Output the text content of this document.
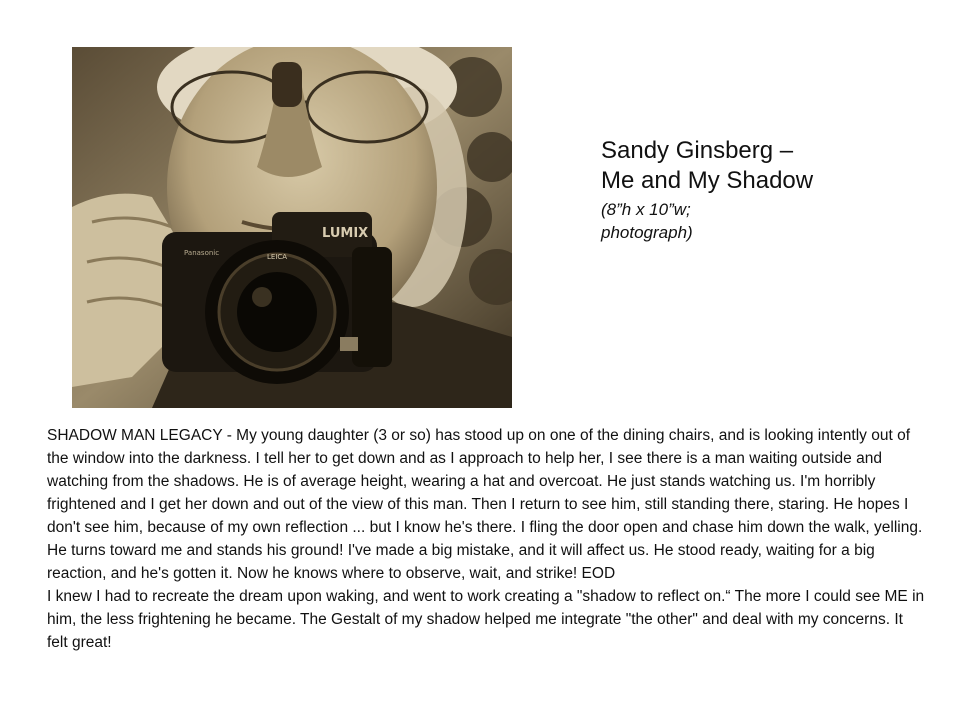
LUMIX
LEICA
Panasonic
Sandy Ginsberg –
Me and My Shadow
(8”h x 10”w;
photograph)

SHADOW MAN LEGACY - My young daughter (3 or so) has stood up on one of the dining chairs, and is looking intently out of the window into the darkness. I tell her to get down and as I approach to help her, I see there is a man waiting outside and watching from the shadows. He is of average height, wearing a hat and overcoat. He just stands watching us. I'm horribly frightened and I get her down and out of the view of this man. Then I return to see him, still standing there, staring. He hopes I don't see him, because of my own reflection ... but I know he's there. I fling the door open and chase him down the walk, yelling. He turns toward me and stands his ground! I've made a big mistake, and it will affect us. He stood ready, waiting for a big reaction, and he's gotten it. Now he knows where to observe, wait, and strike! EOD

I knew I had to recreate the dream upon waking, and went to work creating a "shadow to reflect on.“ The more I could see ME in him, the less frightening he became. The Gestalt of my shadow helped me integrate "the other" and deal with my concerns. It felt great!
